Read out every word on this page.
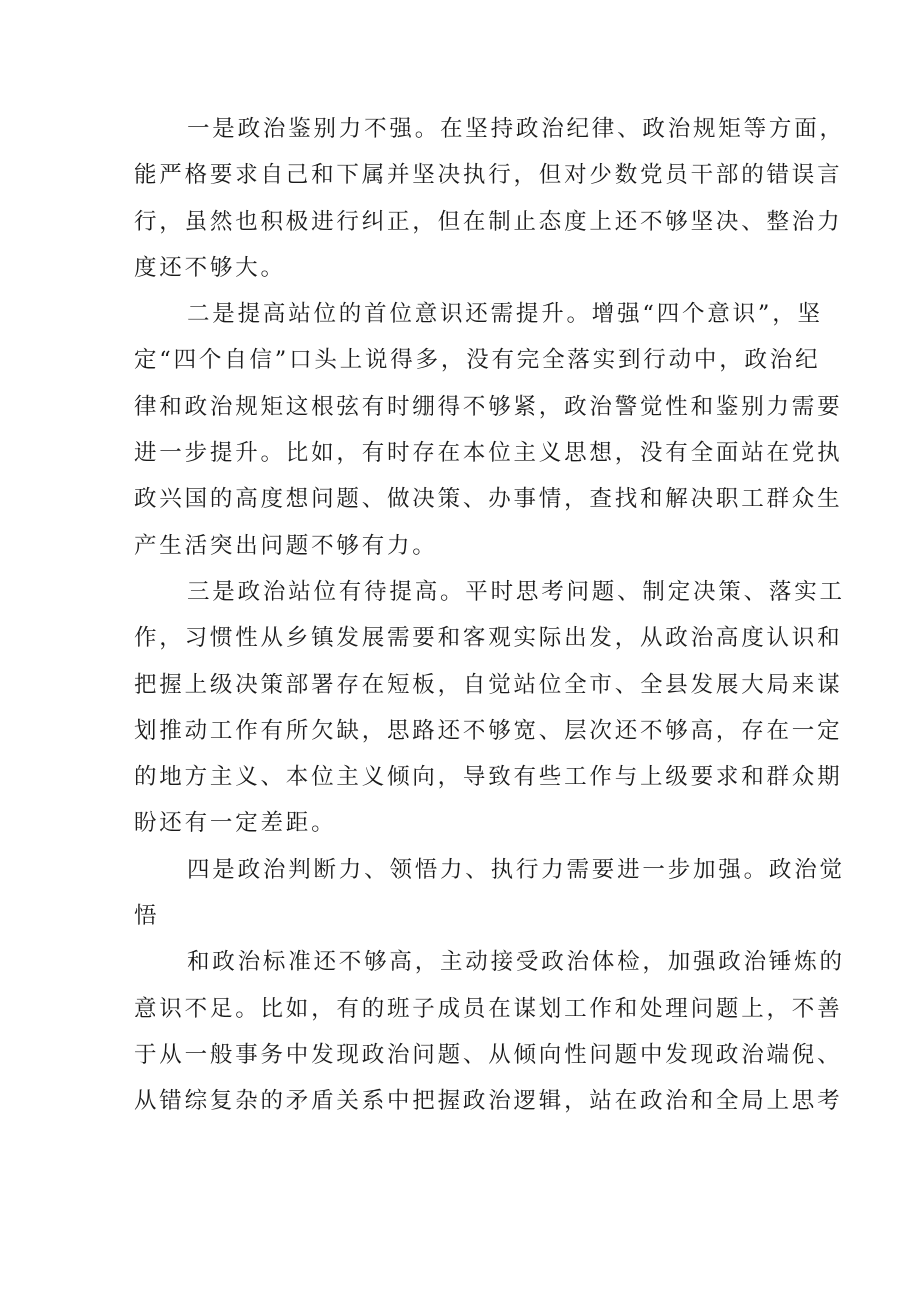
一是政治鉴别力不强。在坚持政治纪律、政治规矩等方面，
能严格要求自己和下属并坚决执行，但对少数党员干部的错误言
行，虽然也积极进行纠正，但在制止态度上还不够坚决、整治力
度还不够大。

二是提高站位的首位意识还需提升。增强“四个意识”，坚
定“四个自信”口头上说得多，没有完全落实到行动中，政治纪
律和政治规矩这根弦有时绷得不够紧，政治警觉性和鉴别力需要
进一步提升。比如，有时存在本位主义思想，没有全面站在党执
政兴国的高度想问题、做决策、办事情，查找和解决职工群众生
产生活突出问题不够有力。

三是政治站位有待提高。平时思考问题、制定决策、落实工
作，习惯性从乡镇发展需要和客观实际出发，从政治高度认识和
把握上级决策部署存在短板，自觉站位全市、全县发展大局来谋
划推动工作有所欠缺，思路还不够宽、层次还不够高，存在一定
的地方主义、本位主义倾向，导致有些工作与上级要求和群众期
盼还有一定差距。

四是政治判断力、领悟力、执行力需要进一步加强。政治觉
悟

和政治标准还不够高，主动接受政治体检，加强政治锤炼的
意识不足。比如，有的班子成员在谋划工作和处理问题上，不善
于从一般事务中发现政治问题、从倾向性问题中发现政治端倪、
从错综复杂的矛盾关系中把握政治逻辑，站在政治和全局上思考
